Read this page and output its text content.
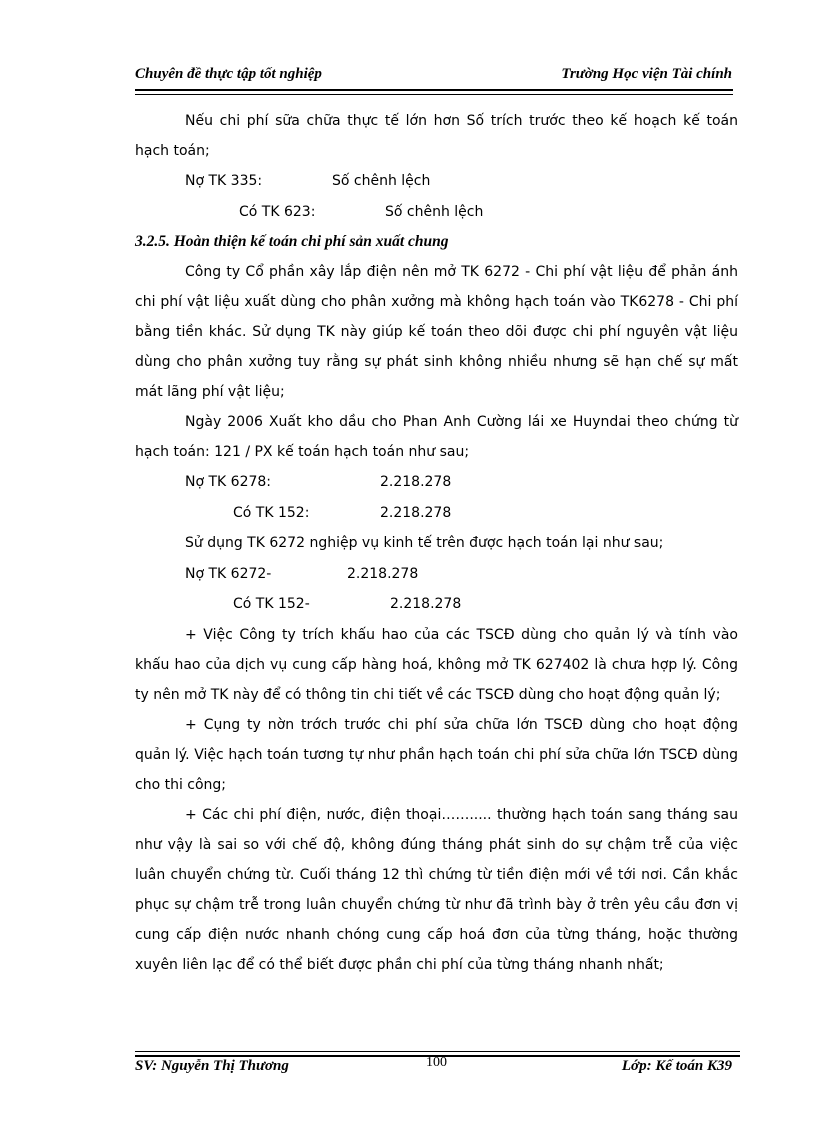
Chuyên đề thực tập tốt nghiệp	Trường Học viện Tài chính

Nếu chi phí sữa chữa thực tế lớn hơn Số trích trước theo kế hoạch kế toán hạch toán;

Nợ TK 335:	Số chênh lệch
Có TK 623:	Số chênh lệch

3.2.5. Hoàn thiện kế toán chi phí sản xuất chung

Công ty Cổ phần xây lắp điện nên mở TK 6272 - Chi phí vật liệu để phản ánh chi phí vật liệu xuất dùng cho phân xưởng mà không hạch toán vào TK6278 - Chi phí bằng tiền khác. Sử dụng TK này giúp kế toán theo dõi được chi phí nguyên vật liệu dùng cho phân xưởng tuy rằng sự phát sinh không nhiều nhưng sẽ hạn chế sự mất mát lãng phí vật liệu;

Ngày 2006 Xuất kho dầu cho Phan Anh Cường lái xe Huyndai theo chứng từ hạch toán: 121 / PX kế toán hạch toán như sau;

Nợ TK 6278:	2.218.278
Có TK 152:	2.218.278
Sử dụng TK 6272 nghiệp vụ kinh tế trên được hạch toán lại như sau;
Nợ TK 6272-	2.218.278
Có TK 152-	2.218.278

+ Việc Công ty trích khấu hao của các TSCĐ dùng cho quản lý và tính vào khấu hao của dịch vụ cung cấp hàng hoá, không mở TK 627402 là chưa hợp lý. Công ty nên mở TK này để có thông tin chi tiết về các TSCĐ dùng cho hoạt động quản lý;

+ Cụng ty nờn trớch trước chi phí sửa chữa lớn TSCĐ dùng cho hoạt động quản lý. Việc hạch toán tương tự như phần hạch toán chi phí sửa chữa lớn TSCĐ dùng cho thi công;

+ Các chi phí điện, nước, điện thoại……..... thường hạch toán sang tháng sau như vậy là sai so với chế độ, không đúng tháng phát sinh do sự chậm trễ của việc luân chuyển chứng từ. Cuối tháng 12 thì chứng từ tiền điện mới về tới nơi. Cần khắc phục sự chậm trễ trong luân chuyển chứng từ như đã trình bày ở trên yêu cầu đơn vị cung cấp điện nước nhanh chóng cung cấp hoá đơn của từng tháng, hoặc thường xuyên liên lạc để có thể biết được phần chi phí của từng tháng nhanh nhất;

SV: Nguyễn Thị Thương	100	Lớp: Kế toán K39
